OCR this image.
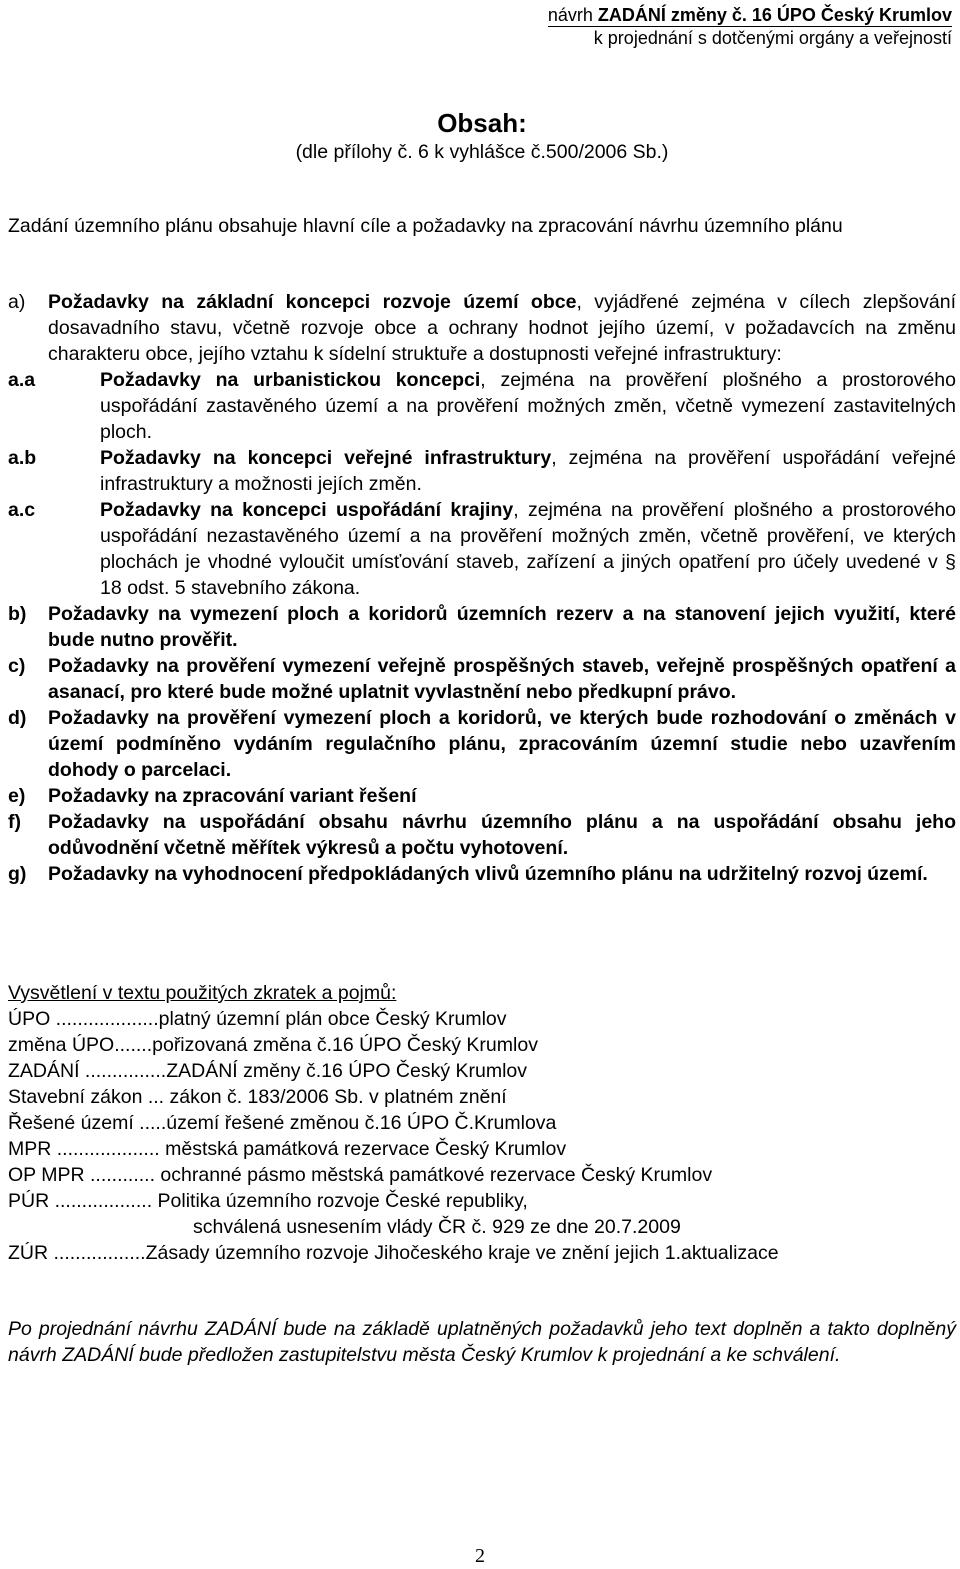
návrh ZADÁNÍ změny č. 16 ÚPO Český Krumlov
k projednání s dotčenými orgány a veřejností
Obsah:
(dle přílohy č. 6 k vyhlášce č.500/2006 Sb.)
Zadání územního plánu obsahuje hlavní cíle a požadavky na zpracování návrhu územního plánu
a) Požadavky na základní koncepci rozvoje území obce, vyjádřené zejména v cílech zlepšování dosavadního stavu, včetně rozvoje obce a ochrany hodnot jejího území, v požadavcích na změnu charakteru obce, jejího vztahu k sídelní struktuře a dostupnosti veřejné infrastruktury:
a.a	Požadavky na urbanistickou koncepci, zejména na prověření plošného a prostorového uspořádání zastavěného území a na prověření možných změn, včetně vymezení zastavitelných ploch.
a.b	Požadavky na koncepci veřejné infrastruktury, zejména na prověření uspořádání veřejné infrastruktury a možnosti jejích změn.
a.c	Požadavky na koncepci uspořádání krajiny, zejména na prověření plošného a prostorového uspořádání nezastavěného území a na prověření možných změn, včetně prověření, ve kterých plochách je vhodné vyloučit umísťování staveb, zařízení a jiných opatření pro účely uvedené v § 18 odst. 5 stavebního zákona.
b) Požadavky na vymezení ploch a koridorů územních rezerv a na stanovení jejich využití, které bude nutno prověřit.
c) Požadavky na prověření vymezení veřejně prospěšných staveb, veřejně prospěšných opatření a asanací, pro které bude možné uplatnit vyvlastnění nebo předkupní právo.
d) Požadavky na prověření vymezení ploch a koridorů, ve kterých bude rozhodování o změnách v území podmíněno vydáním regulačního plánu, zpracováním územní studie nebo uzavřením dohody o parcelaci.
e) Požadavky na zpracování variant řešení
f) Požadavky na uspořádání obsahu návrhu územního plánu a na uspořádání obsahu jeho odůvodnění včetně měřítek výkresů a počtu vyhotovení.
g) Požadavky na vyhodnocení předpokládaných vlivů územního plánu na udržitelný rozvoj území.
Vysvětlení v textu použitých zkratek a pojmů:
ÚPO ...................platný územní plán obce Český Krumlov
změna ÚPO.......pořizovaná změna č.16 ÚPO Český Krumlov
ZADÁNÍ ...............ZADÁNÍ změny č.16 ÚPO Český Krumlov
Stavební zákon ... zákon č. 183/2006 Sb. v platném znění
Řešené území .....území řešené změnou č.16 ÚPO Č.Krumlova
MPR ................... městská památková rezervace Český Krumlov
OP MPR ............ ochranné pásmo městská památkové rezervace Český Krumlov
PÚR .................. Politika územního rozvoje České republiky,
schválená usnesením vlády ČR č. 929 ze dne 20.7.2009
ZÚR .................Zásady územního rozvoje Jihočeského kraje ve znění jejich 1.aktualizace
Po projednání návrhu ZADÁNÍ bude na základě uplatněných požadavků jeho text doplněn a takto doplněný návrh ZADÁNÍ bude předložen zastupitelstvu města Český Krumlov k projednání a ke schválení.
2
